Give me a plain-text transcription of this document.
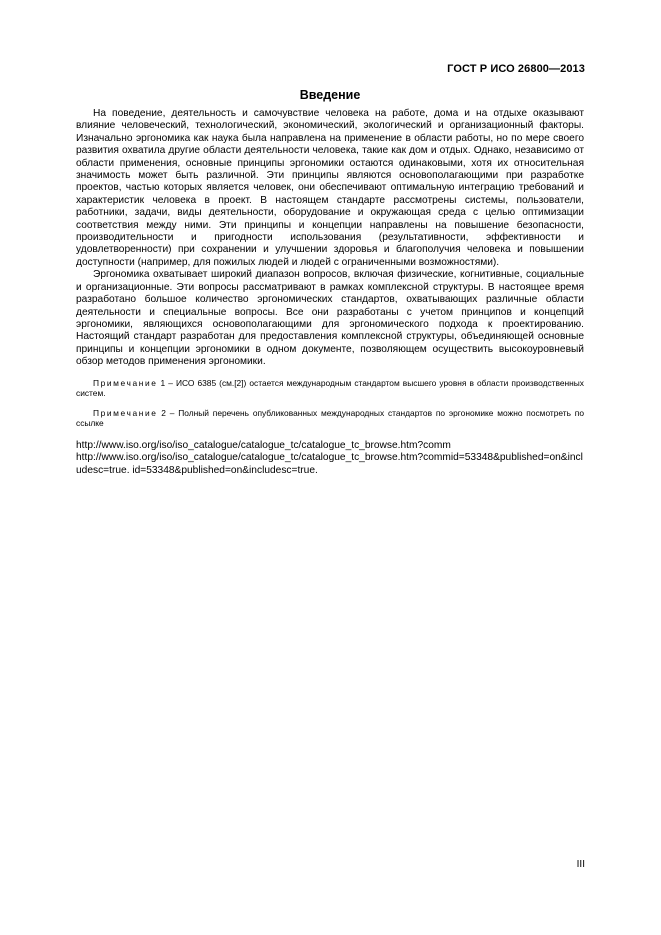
ГОСТ Р ИСО 26800—2013
Введение

На поведение, деятельность и самочувствие человека на работе, дома и на отдыхе оказывают влияние человеческий, технологический, экономический, экологический и организационный факторы. Изначально эргономика как наука была направлена на применение в области работы, но по мере своего развития охватила другие области деятельности человека, такие как дом и отдых. Однако, независимо от области применения, основные принципы эргономики остаются одинаковыми, хотя их относительная значимость может быть различной. Эти принципы являются основополагающими при разработке проектов, частью которых является человек, они обеспечивают оптимальную интеграцию требований и характеристик человека в проект. В настоящем стандарте рассмотрены системы, пользователи, работники, задачи, виды деятельности, оборудование и окружающая среда с целью оптимизации соответствия между ними. Эти принципы и концепции направлены на повышение безопасности, производительности и пригодности использования (результативности, эффективности и удовлетворенности) при сохранении и улучшении здоровья и благополучия человека и повышении доступности (например, для пожилых людей и людей с ограниченными возможностями).

Эргономика охватывает широкий диапазон вопросов, включая физические, когнитивные, социальные и организационные. Эти вопросы рассматривают в рамках комплексной структуры. В настоящее время разработано большое количество эргономических стандартов, охватывающих различные области деятельности и специальные вопросы. Все они разработаны с учетом принципов и концепций эргономики, являющихся основополагающими для эргономического подхода к проектированию. Настоящий стандарт разработан для предоставления комплексной структуры, объединяющей основные принципы и концепции эргономики в одном документе, позволяющем осуществить высокоуровневый обзор методов применения эргономики.

Примечание 1 – ИСО 6385 (см.[2]) остается международным стандартом высшего уровня в области производственных систем.

Примечание 2 – Полный перечень опубликованных международных стандартов по эргономике можно посмотреть по ссылке

http://www.iso.org/iso/iso_catalogue/catalogue_tc/catalogue_tc_browse.htm?comm
http://www.iso.org/iso/iso_catalogue/catalogue_tc/catalogue_tc_browse.htm?commid=53348&published=on&includesc=true. id=53348&published=on&includesc=true.
III
